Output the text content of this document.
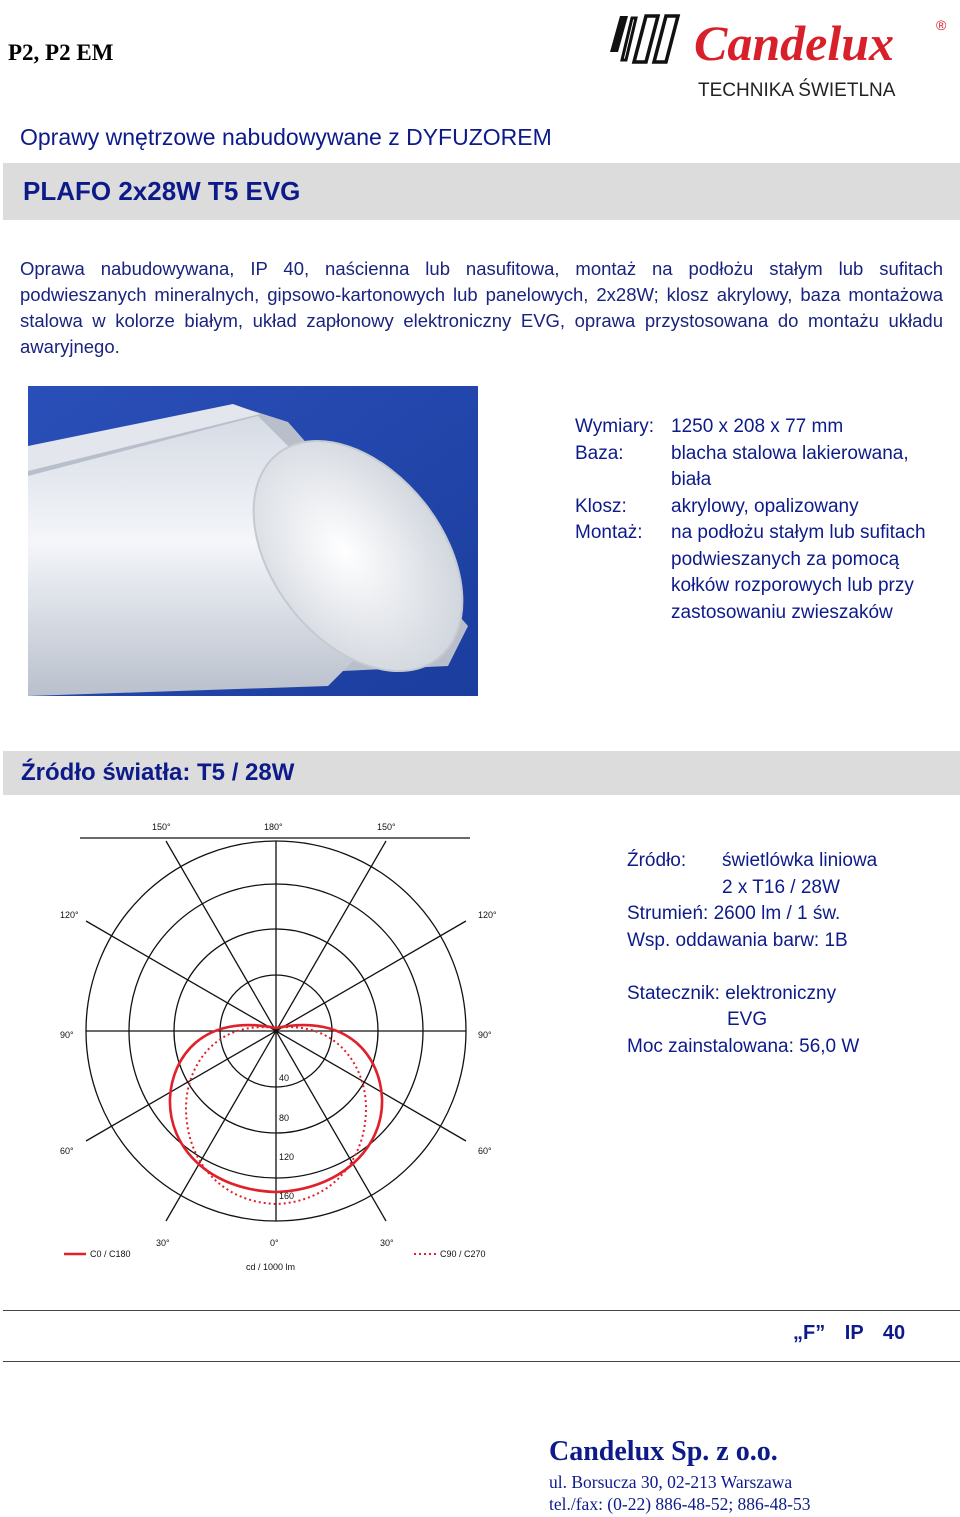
P2, P2 EM	Candelux	®
TECHNIKA ŚWIETLNA
Oprawy wnętrzowe nabudowywane z DYFUZOREM
PLAFO 2x28W T5 EVG

Oprawa nabudowywana, IP 40, naścienna lub nasufitowa, montaż na podłożu stałym lub sufitach podwieszanych mineralnych, gipsowo-kartonowych lub panelowych, 2x28W; klosz akrylowy, baza montażowa stalowa w kolorze białym, układ zapłonowy elektroniczny EVG, oprawa przystosowana do montażu układu awaryjnego.

Wymiary: 1250 x 208 x 77 mm
Baza:	blacha stalowa lakierowana,
biała
Klosz:	akrylowy, opalizowany
Montaż:	na podłożu stałym lub sufitach
podwieszanych za pomocą
kołków rozporowych lub przy
zastosowaniu zwieszaków
Źródło światła: T5 / 28W
150°	180°	150°
120°	120°
90°	90°
60°	60°
30°	0°	30°
40
80
120
160
C0 / C180	C90 / C270
cd / 1000 lm
Źródło:	świetlówka liniowa
2 x T16 / 28W
Strumień: 2600 lm / 1 św.
Wsp. oddawania barw: 1B
Statecznik: elektroniczny
EVG
Moc zainstalowana: 56,0 W
„F” IP 40
Candelux Sp. z o.o.
ul. Borsucza 30, 02-213 Warszawa
tel./fax: (0-22) 886-48-52; 886-48-53
